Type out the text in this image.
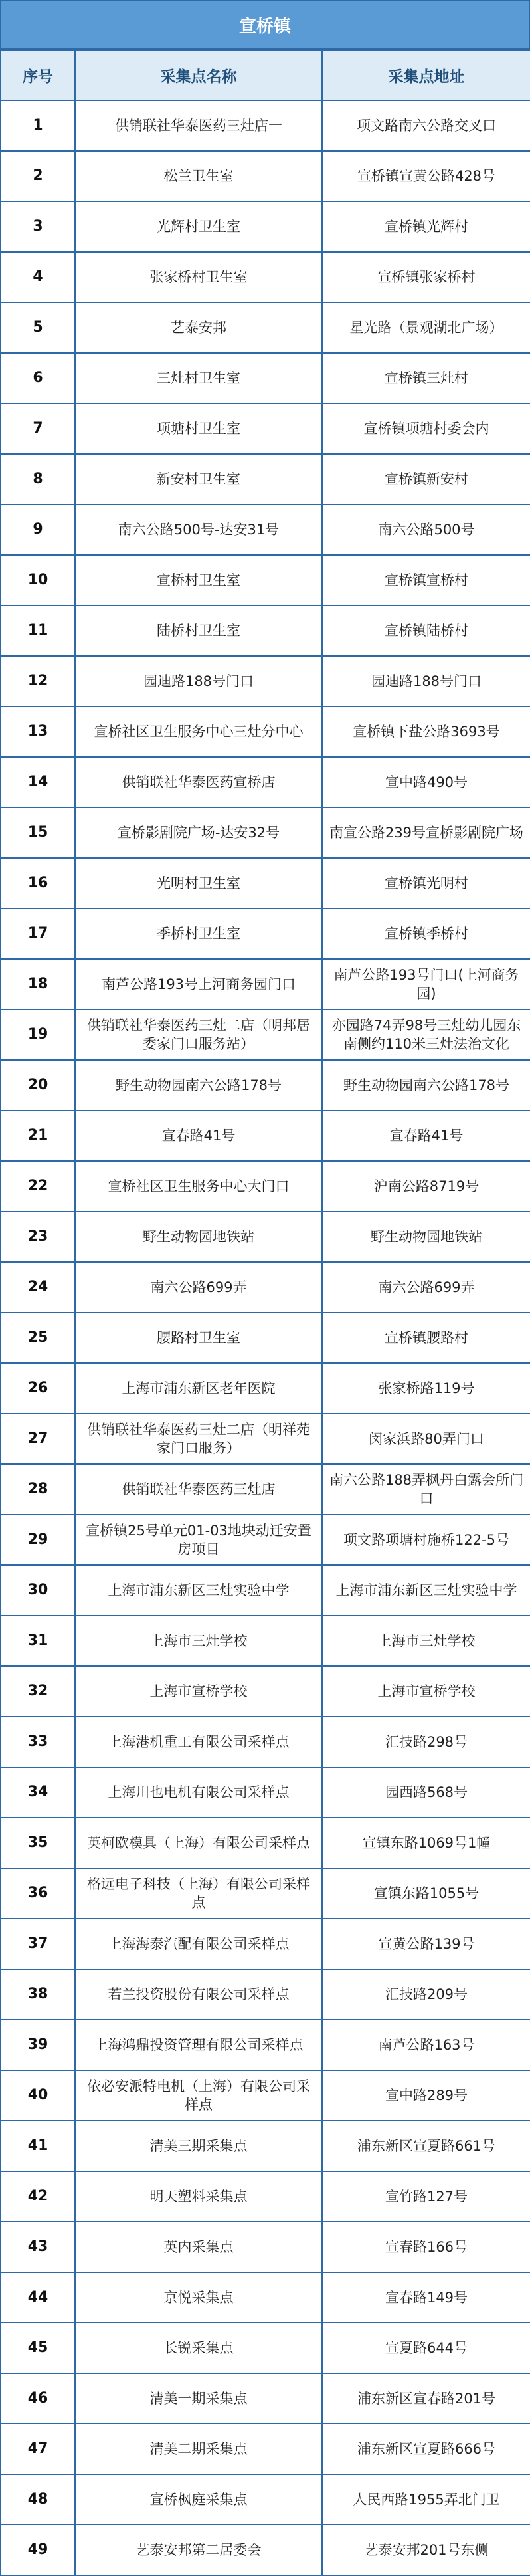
宣桥镇
序号	采集点名称	采集点地址
1	供销联社华泰医药三灶店一	项文路南六公路交叉口
2	松兰卫生室	宣桥镇宣黄公路428号
3	光辉村卫生室	宣桥镇光辉村
4	张家桥村卫生室	宣桥镇张家桥村
5	艺泰安邦	星光路（景观湖北广场）
6	三灶村卫生室	宣桥镇三灶村
7	项塘村卫生室	宣桥镇项塘村委会内
8	新安村卫生室	宣桥镇新安村
9	南六公路500号-达安31号	南六公路500号
10	宣桥村卫生室	宣桥镇宣桥村
11	陆桥村卫生室	宣桥镇陆桥村
12	园迪路188号门口	园迪路188号门口
13	宣桥社区卫生服务中心三灶分中心	宣桥镇下盐公路3693号
14	供销联社华泰医药宣桥店	宣中路490号
15	宣桥影剧院广场-达安32号	南宣公路239号宣桥影剧院广场
16	光明村卫生室	宣桥镇光明村
17	季桥村卫生室	宣桥镇季桥村
18	南芦公路193号上河商务园门口	南芦公路193号门口(上河商务园)
19	供销联社华泰医药三灶二店（明邦居委家门口服务站）	亦园路74弄98号三灶幼儿园东南侧约110米三灶法治文化
20	野生动物园南六公路178号	野生动物园南六公路178号
21	宣春路41号	宣春路41号
22	宣桥社区卫生服务中心大门口	沪南公路8719号
23	野生动物园地铁站	野生动物园地铁站
24	南六公路699弄	南六公路699弄
25	腰路村卫生室	宣桥镇腰路村
26	上海市浦东新区老年医院	张家桥路119号
27	供销联社华泰医药三灶二店（明祥苑家门口服务）	闵家浜路80弄门口
28	供销联社华泰医药三灶店	南六公路188弄枫丹白露会所门口
29	宣桥镇25号单元01-03地块动迁安置房项目	项文路项塘村施桥122-5号
30	上海市浦东新区三灶实验中学	上海市浦东新区三灶实验中学
31	上海市三灶学校	上海市三灶学校
32	上海市宣桥学校	上海市宣桥学校
33	上海港机重工有限公司采样点	汇技路298号
34	上海川也电机有限公司采样点	园西路568号
35	英柯欧模具（上海）有限公司采样点	宣镇东路1069号1幢
36	格远电子科技（上海）有限公司采样点	宣镇东路1055号
37	上海海泰汽配有限公司采样点	宣黄公路139号
38	若兰投资股份有限公司采样点	汇技路209号
39	上海鸿鼎投资管理有限公司采样点	南芦公路163号
40	依必安派特电机（上海）有限公司采样点	宣中路289号
41	清美三期采集点	浦东新区宣夏路661号
42	明天塑料采集点	宣竹路127号
43	英内采集点	宣春路166号
44	京悦采集点	宣春路149号
45	长锐采集点	宣夏路644号
46	清美一期采集点	浦东新区宣春路201号
47	清美二期采集点	浦东新区宣夏路666号
48	宣桥枫庭采集点	人民西路1955弄北门卫
49	艺泰安邦第二居委会	艺泰安邦201号东侧
